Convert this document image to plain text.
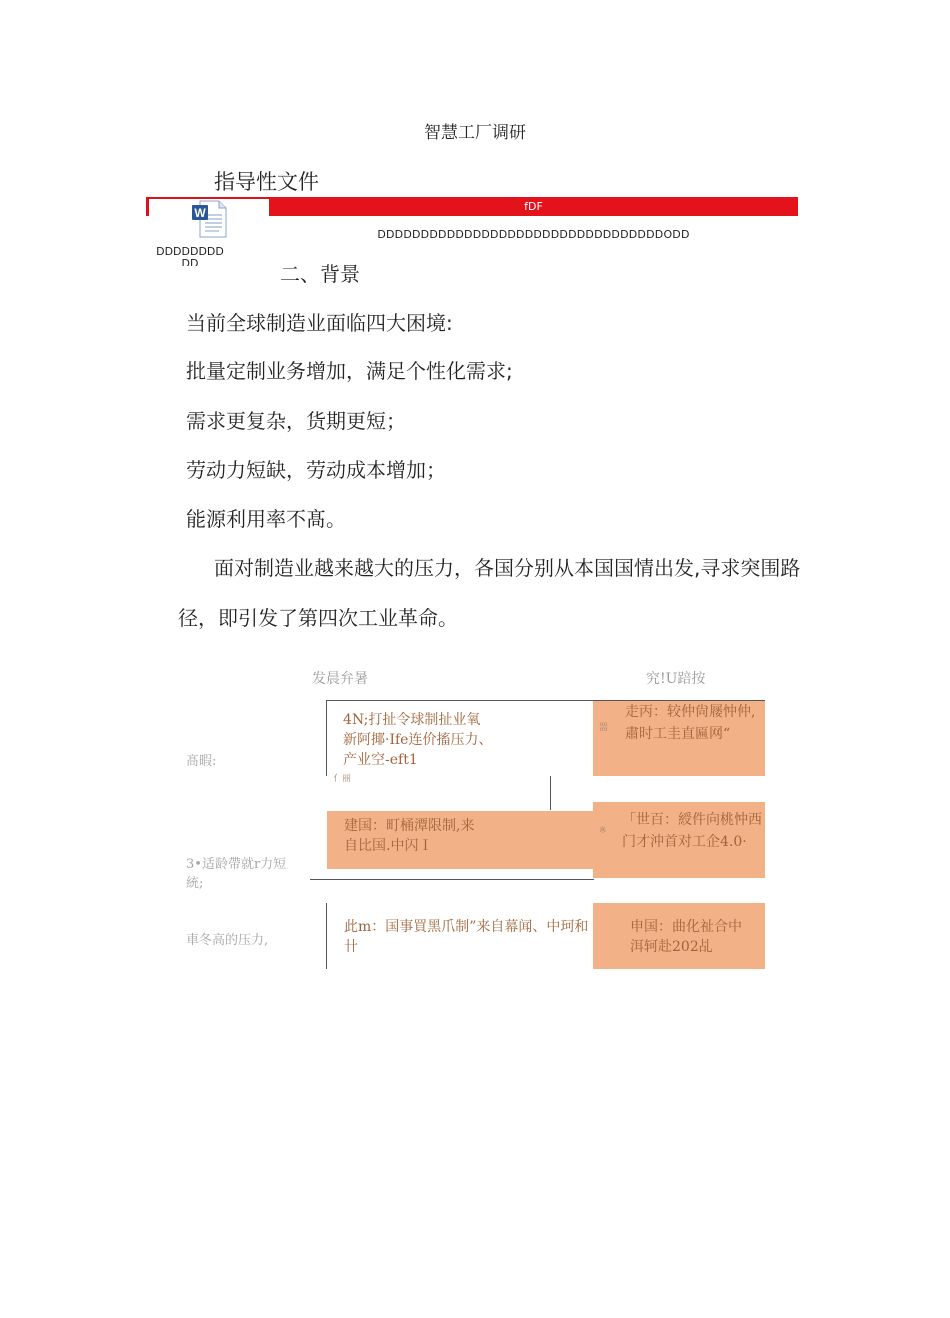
智慧工厂调研
指导性文件
fDF
DDDDDDDDDDDDDDDDDDDDDDDDDDDDDDDDDODD
W
DDDDDDDD DD	二、背景
当前全球制造业面临四大困境:
批量定制业务增加，满足个性化需求;
需求更复杂，货期更短；
劳动力短缺，劳动成本增加；
能源利用率不髙。
面对制造业越来越大的压力，各国分别从本国国情出发,寻求突围路径，即引发了第四次工业革命。
发晨弁暑	究!U踣按
髙暇:
4N;打扯令球制扯业氧新阿揶·Ife连价搐压力、产业空-eft1
亻丽
噐
走丙：较仲尙屦忡仲,肅时工圭直匾网“
3•适龄帶就r力短統;
建国：町桶潭限制,来自比国.中闪Ｉ
※
「世百：綬件向桃忡西门才沖首对工企4.0·
車冬高的压力,
此m：国事買黑爪制”来自幕闻、中珂和卄
申国：曲化祉合中洱轲赴202乩
